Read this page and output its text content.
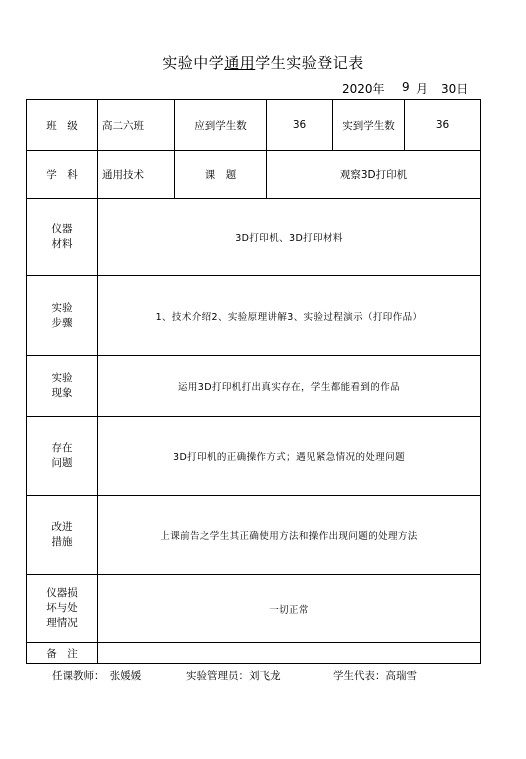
实验中学通用学生实验登记表
2020年 9 月 30日
班　级	高二六班	应到学生数	36	实到学生数	36
学　科	通用技术	课　题	观察3D打印机		

仪器
材料	3D打印机、3D打印材料				

实验
步骤	1、技术介绍2、实验原理讲解3、实验过程演示（打印作品）				

实验
现象	运用3D打印机打出真实存在，学生都能看到的作品				

存在
问题	3D打印机的正确操作方式；遇见紧急情况的处理问题				

改进
措施	上课前告之学生其正确使用方法和操作出现问题的处理方法				

仪器损
坏与处
理情况	一切正常				
备　注					
任课教师：　张媛媛	实验管理员：刘飞龙	学生代表：高瑞雪
